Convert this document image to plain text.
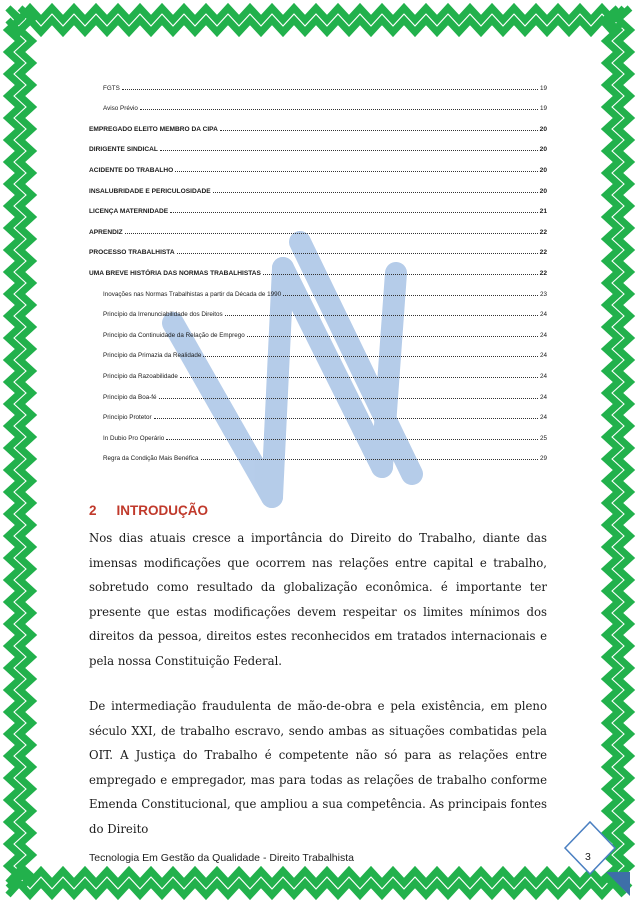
FGTS	19
Aviso Prévio	19
EMPREGADO ELEITO MEMBRO DA CIPA	20
DIRIGENTE SINDICAL	20
ACIDENTE DO TRABALHO	20
INSALUBRIDADE E PERICULOSIDADE	20
LICENÇA MATERNIDADE	21
APRENDIZ	22
PROCESSO TRABALHISTA	22
UMA BREVE HISTÓRIA DAS NORMAS TRABALHISTAS	22
Inovações nas Normas Trabalhistas a partir da Década de 1990	23
Princípio da Irrenunciabilidade dos Direitos	24
Princípio da Continuidade da Relação de Emprego	24
Princípio da Primazia da Realidade	24
Princípio da Razoabilidade	24
Princípio da Boa-fé	24
Princípio Protetor	24
In Dubio Pro Operário	25
Regra da Condição Mais Benéfica	29
2 INTRODUÇÃO
Nos dias atuais cresce a importância do Direito do Trabalho, diante das imensas modificações que ocorrem nas relações entre capital e trabalho, sobretudo como resultado da globalização econômica. é importante ter presente que estas modificações devem respeitar os limites mínimos dos direitos da pessoa, direitos estes reconhecidos em tratados internacionais e pela nossa Constituição Federal.
De intermediação fraudulenta de mão-de-obra e pela existência, em pleno século XXI, de trabalho escravo, sendo ambas as situações combatidas pela OIT. A Justiça do Trabalho é competente não só para as relações entre empregado e empregador, mas para todas as relações de trabalho conforme Emenda Constitucional, que ampliou a sua competência. As principais fontes do Direito
Tecnologia Em Gestão da Qualidade - Direito Trabalhista	3
